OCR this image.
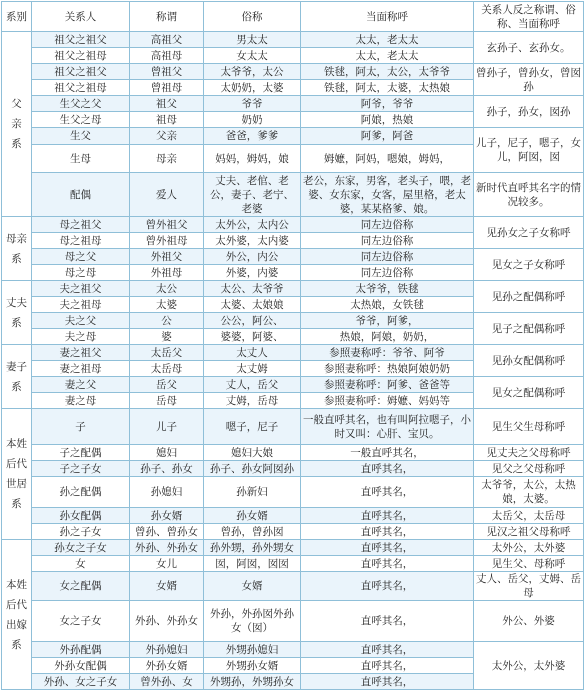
系别	关系人	称谓	俗称	当面称呼	关系人反之称谓、俗称、当面称呼
父
亲
系	祖父之祖父	高祖父	男太太	太太，老太太	玄孙子、玄孙女。
	祖父之祖母	高祖母	女太太	太太，老太太	
	祖父之祖父	曾祖父	太爷爷，太公	铁毬，阿太，太公，太爷爷	曾孙子，曾孙女，曾囡孙
	祖父之祖母	曾祖母	太奶奶，太婆	铁毬，阿太，太婆，太热娘	
	生父之父	祖父	爷爷	阿爷，爷爷	孙子，孙女，囡孙
	生父之母	祖母	奶奶	阿娘，热娘	
	生父	父亲	爸爸，爹爹	阿爹，阿爸	儿子，尼子，嗯子，女儿，阿囡，囡
	生母	母亲	妈妈，姆妈，娘	姆嬷，阿妈，嗯娘，姆妈，	
	配偶	爱人	丈夫、老倌、老公，妻子、老宁、老婆	老公，东家，男客，老头子，喂，老婆、女东家，女客，屋里格，老太婆，某某格爹、娘。	新时代直呼其名字的情况较多。
母亲
系	母之祖父	曾外祖父	太外公，太内公	同左边俗称	见孙女之子女称呼
	母之祖母	曾外祖母	太外婆，太内婆	同左边俗称	
	母之父	外祖父	外公，内公	同左边俗称	见女之子女称呼
	母之母	外祖母	外婆，内婆	同左边俗称	
丈夫
系	夫之祖父	太公	太公、太爷爷	太爷爷，铁毬	见孙之配偶称呼
	夫之祖母	太婆	太婆、太娘娘	太热娘，女铁毬	
	夫之父	公	公公，阿公、	爷爷，阿爹，	见子之配偶称呼
	夫之母	婆	婆婆，阿婆、	热娘，阿娘，奶奶，	
妻子
系	妻之祖父	太岳父	太丈人	参照妻称呼：爷爷、阿爷	见孙女配偶称呼
	妻之祖母	太岳母	太丈姆	参照妻称呼：热娘阿娘奶奶	
	妻之父	岳父	丈人，岳父	参照妻称呼：阿爹、爸爸等	见女之配偶称呼
	妻之母	岳母	丈姆，岳母	参照妻称呼：姆嬷、妈妈等	
本姓
后代
世居
系	子	儿子	嗯子，尼子	一般直呼其名，也有叫阿拉嗯子，小时又叫：心肝、宝贝。	见生父生母称呼
	子之配偶	媳妇	媳妇大娘	一般直呼其名，	见丈夫之父母称呼
	子之子女	孙子、孙女	孙子、孙女阿囡孙	直呼其名，	见父之父母称呼
	孙之配偶	孙媳妇	孙新妇	直呼其名，	太爷爷，太公，太热娘，太婆。
	孙女配偶	孙女婿	孙女婿	直呼其名，	太岳父，太岳母
	孙之子女	曾孙、曾孙女	曾孙，曾孙囡	直呼其名，	见汉之祖父母称呼
本姓
后代
出嫁
系	孙女之子女	外孙、外孙女	孙外甥，孙外甥女	直呼其名，	太外公，太外婆
	女	女儿	囡，阿囡，囡囡	直呼其名，	见生父、母称呼
	女之配偶	女婿	女婿	直呼其名，	丈人、岳父，丈姆、岳母
	女之子女	外孙、外孙女	外孙，外孙囡外孙女（囡）	直呼其名，	外公、外婆
	外孙配偶	外孙媳妇	外甥孙媳妇	直呼其名，	太外公，太外婆
	外孙女配偶	外孙女婿	外甥孙女婿	直呼其名，	
	外孙、女之子女	曾外孙、女	外甥孙，外甥孙女	直呼其名，	
